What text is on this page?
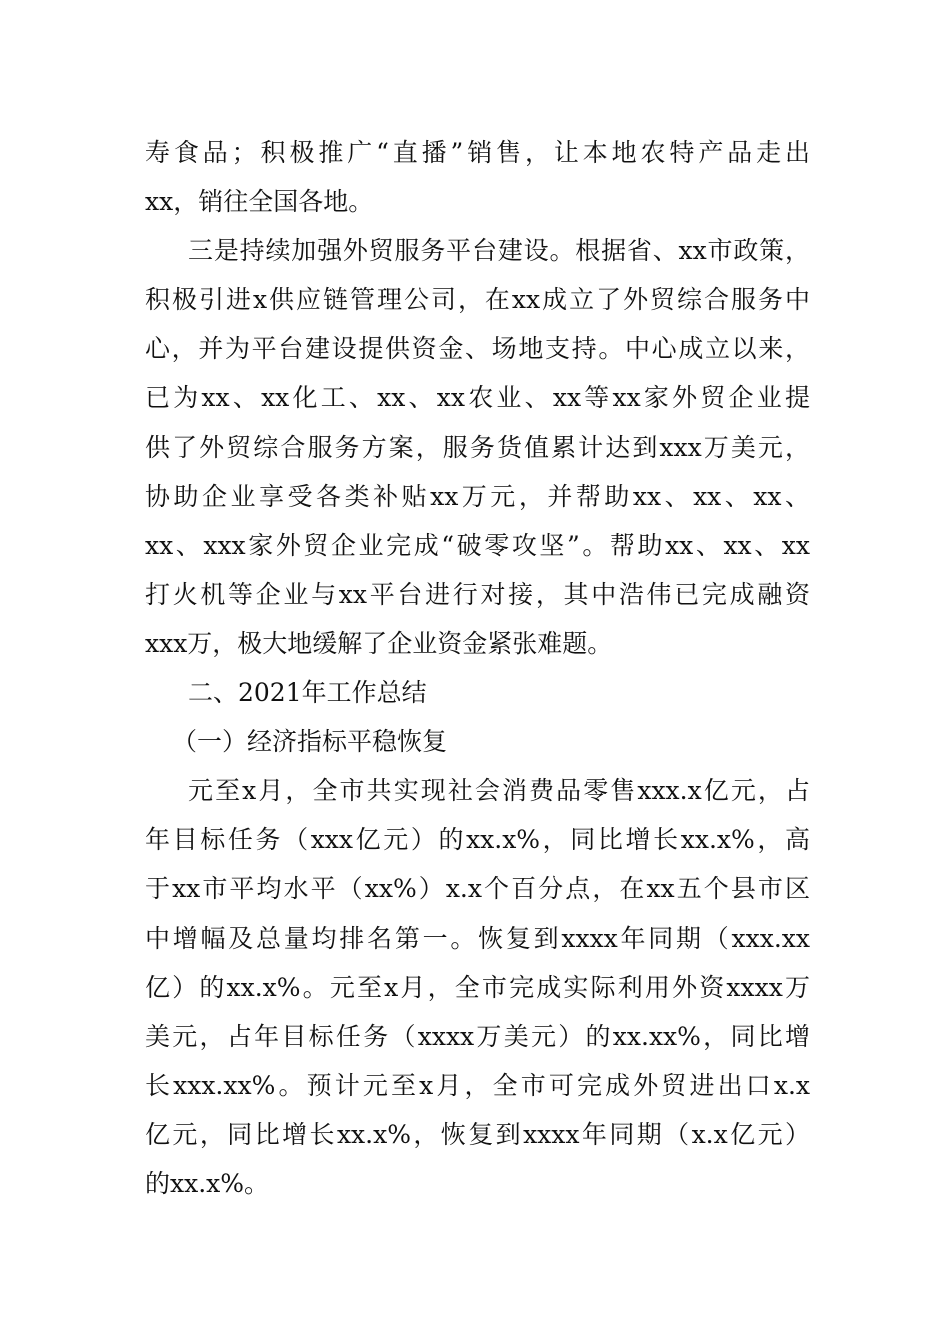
寿食品；积极推广“直播”销售，让本地农特产品走出
xx，销往全国各地。
三是持续加强外贸服务平台建设。根据省、xx市政策，
积极引进x供应链管理公司，在xx成立了外贸综合服务中
心，并为平台建设提供资金、场地支持。中心成立以来，
已为xx、xx化工、xx、xx农业、xx等xx家外贸企业提
供了外贸综合服务方案，服务货值累计达到xxx万美元，
协助企业享受各类补贴xx万元，并帮助xx、xx、xx、
xx、xxx家外贸企业完成“破零攻坚”。帮助xx、xx、xx
打火机等企业与xx平台进行对接，其中浩伟已完成融资
xxx万，极大地缓解了企业资金紧张难题。
二、2021年工作总结
（一）经济指标平稳恢复
元至x月，全市共实现社会消费品零售xxx.x亿元，占
年目标任务（xxx亿元）的xx.x%，同比增长xx.x%，高
于xx市平均水平（xx%）x.x个百分点，在xx五个县市区
中增幅及总量均排名第一。恢复到xxxx年同期（xxx.xx
亿）的xx.x%。元至x月，全市完成实际利用外资xxxx万
美元，占年目标任务（xxxx万美元）的xx.xx%，同比增
长xxx.xx%。预计元至x月，全市可完成外贸进出口x.x
亿元，同比增长xx.x%，恢复到xxxx年同期（x.x亿元）
的xx.x%。
